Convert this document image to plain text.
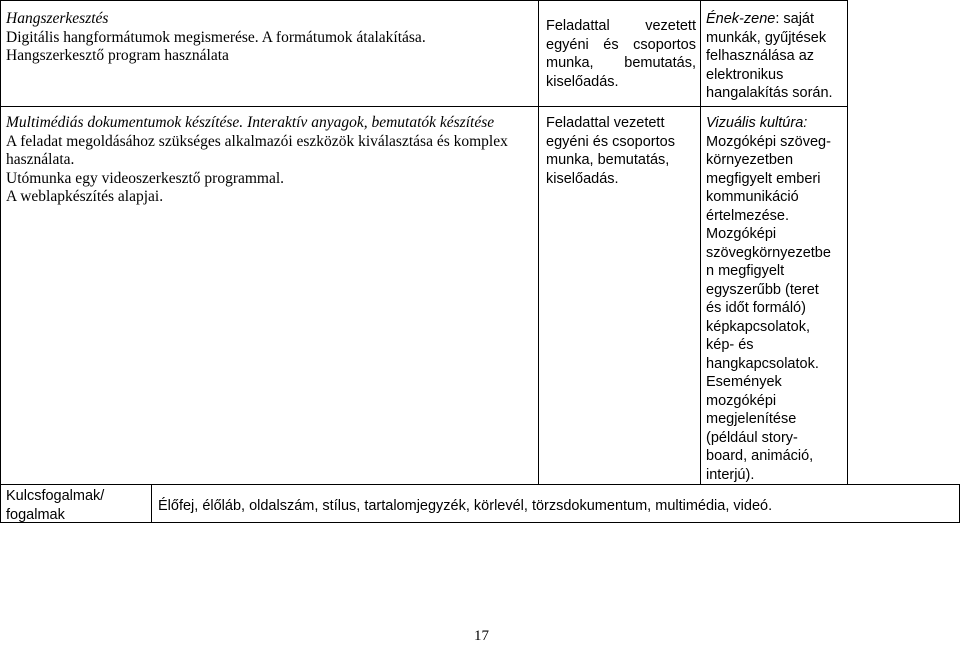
Hangszerkesztés
Digitális hangformátumok megismerése. A formátumok átalakítása.
Hangszerkesztő program használata
Feladattal vezetett
egyéni és csoportos
munka, bemutatás,
kiselőadás.
Ének-zene: saját
munkák, gyűjtések
felhasználása az
elektronikus
hangalakítás során.
Multimédiás dokumentumok készítése. Interaktív anyagok, bemutatók készítése
A feladat megoldásához szükséges alkalmazói eszközök kiválasztása és komplex
használata.
Utómunka egy videoszerkesztő programmal.
A weblapkészítés alapjai.
Feladattal vezetett
egyéni és csoportos
munka, bemutatás,
kiselőadás.
Vizuális kultúra:
Mozgóképi szöveg-
környezetben
megfigyelt emberi
kommunikáció
értelmezése.
Mozgóképi
szövegkörnyezetbe
n megfigyelt
egyszerűbb (teret
és időt formáló)
képkapcsolatok,
kép- és
hangkapcsolatok.
Események
mozgóképi
megjelenítése
(például story-
board, animáció,
interjú).
Kulcsfogalmak/
fogalmak
Élőfej, élőláb, oldalszám, stílus, tartalomjegyzék, körlevél, törzsdokumentum, multimédia, videó.
17
